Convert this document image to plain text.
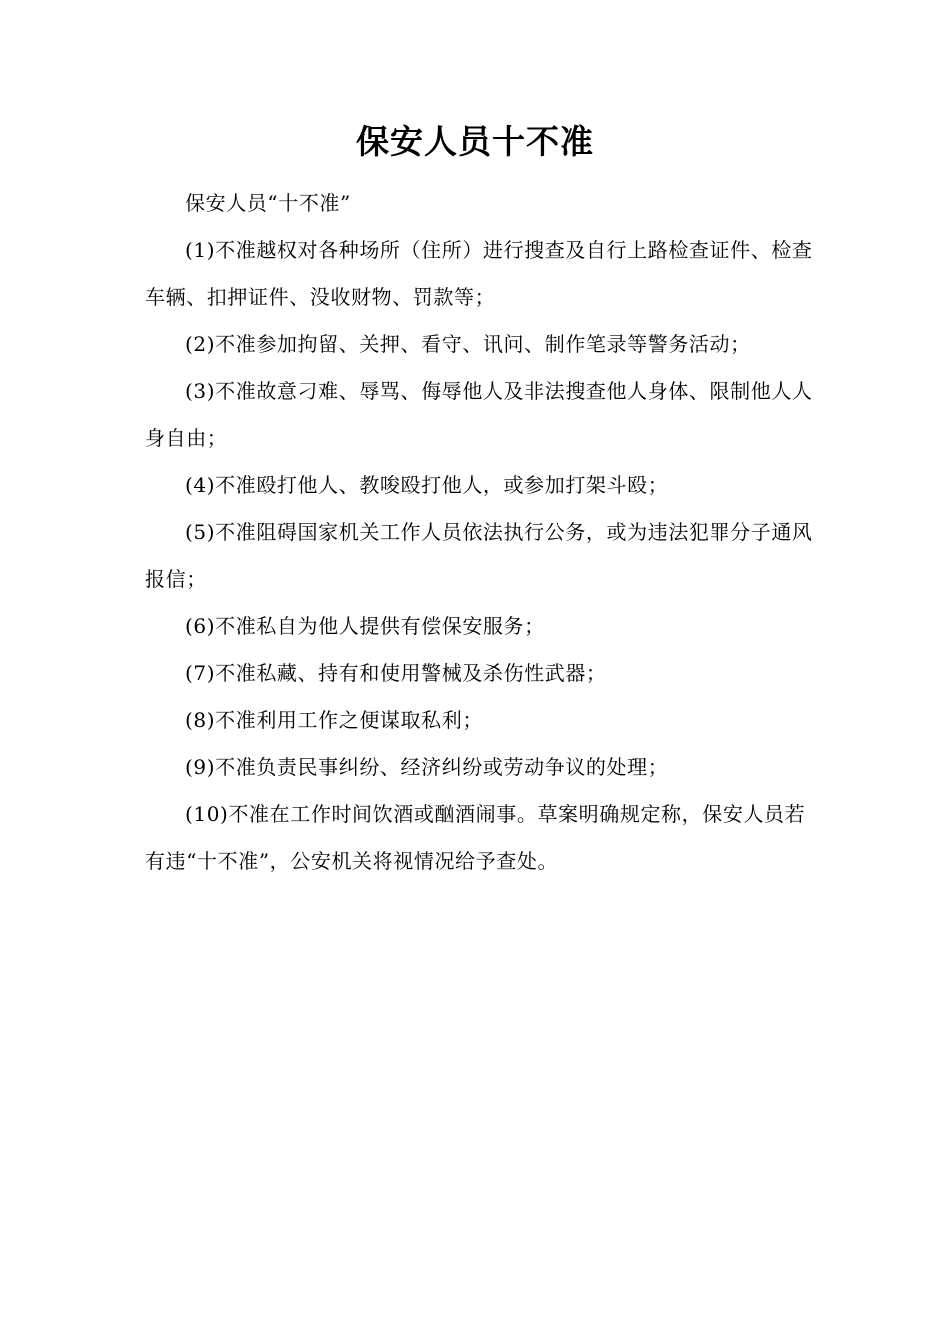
保安人员十不准

保安人员“十不准”

(1)不准越权对各种场所（住所）进行搜查及自行上路检查证件、检查车辆、扣押证件、没收财物、罚款等；

(2)不准参加拘留、关押、看守、讯问、制作笔录等警务活动；

(3)不准故意刁难、辱骂、侮辱他人及非法搜查他人身体、限制他人人身自由；

(4)不准殴打他人、教唆殴打他人，或参加打架斗殴；

(5)不准阻碍国家机关工作人员依法执行公务，或为违法犯罪分子通风报信；

(6)不准私自为他人提供有偿保安服务；

(7)不准私藏、持有和使用警械及杀伤性武器；

(8)不准利用工作之便谋取私利；

(9)不准负责民事纠纷、经济纠纷或劳动争议的处理；

(10)不准在工作时间饮酒或酗酒闹事。草案明确规定称，保安人员若有违“十不准”，公安机关将视情况给予查处。
